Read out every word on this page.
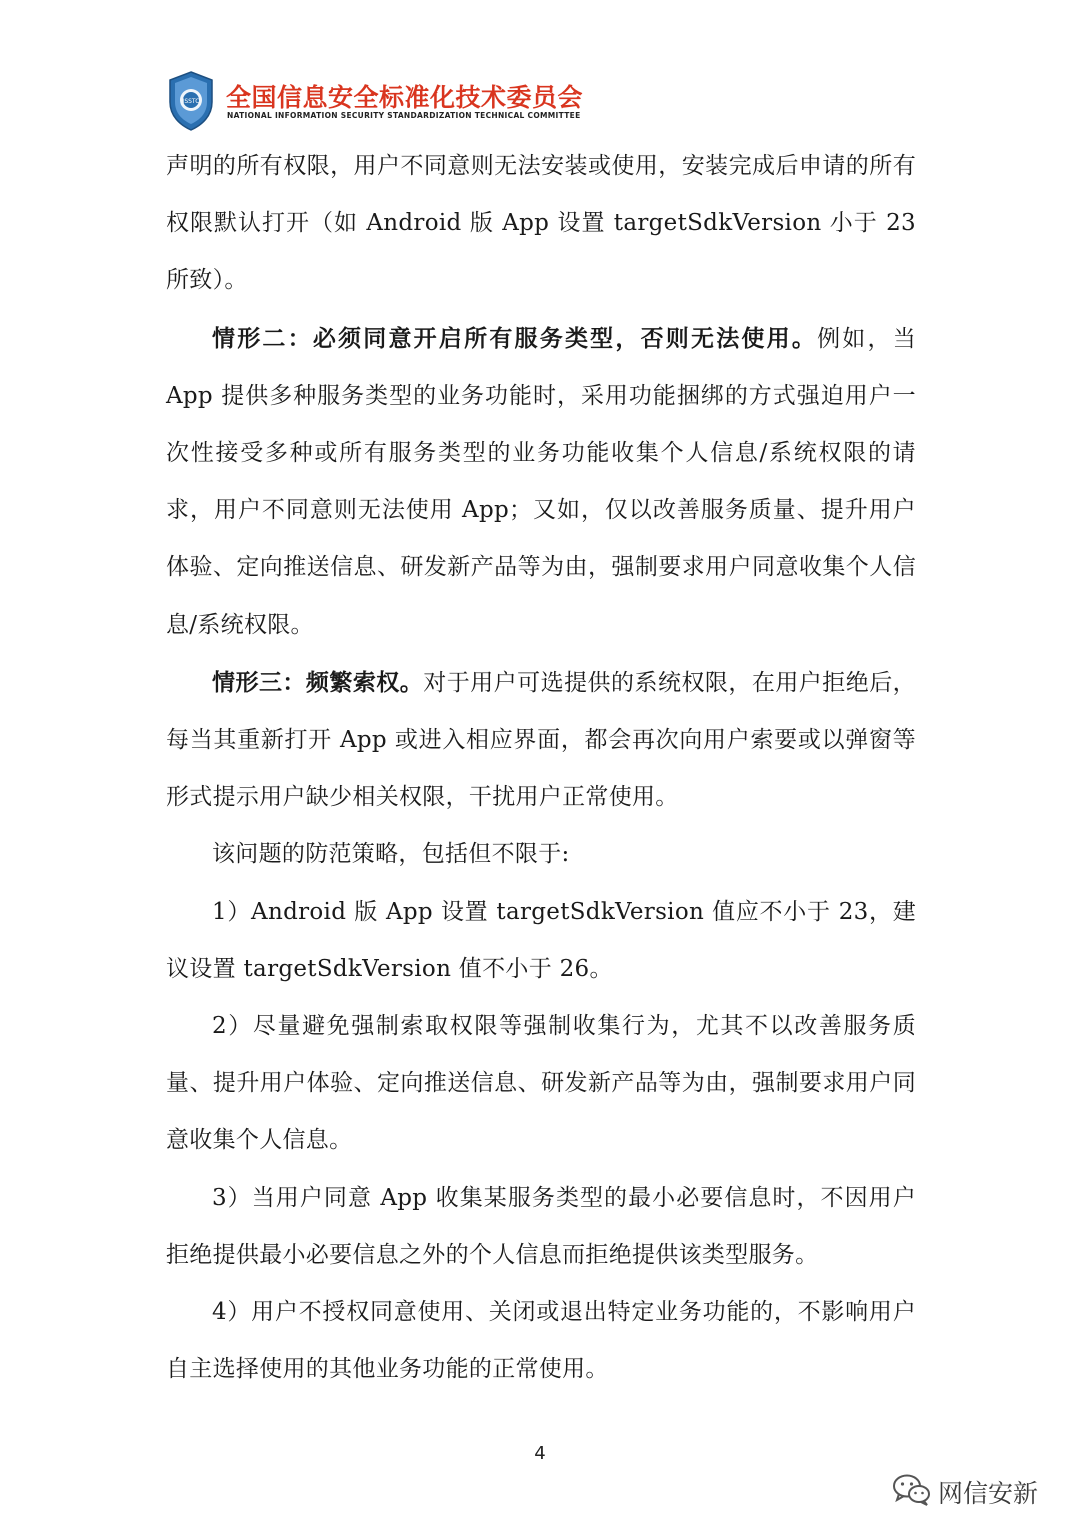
ISSTC 全国信息安全标准化技术委员会
NATIONAL INFORMATION SECURITY STANDARDIZATION TECHNICAL COMMITTEE

声明的所有权限，用户不同意则无法安装或使用，安装完成后申请的所有权限默认打开（如 Android 版 App 设置 targetSdkVersion 小于 23 所致）。

情形二：必须同意开启所有服务类型，否则无法使用。例如，当 App 提供多种服务类型的业务功能时，采用功能捆绑的方式强迫用户一次性接受多种或所有服务类型的业务功能收集个人信息/系统权限的请求，用户不同意则无法使用 App；又如，仅以改善服务质量、提升用户体验、定向推送信息、研发新产品等为由，强制要求用户同意收集个人信息/系统权限。

情形三：频繁索权。对于用户可选提供的系统权限，在用户拒绝后，每当其重新打开 App 或进入相应界面，都会再次向用户索要或以弹窗等形式提示用户缺少相关权限，干扰用户正常使用。

该问题的防范策略，包括但不限于:

1）Android 版 App 设置 targetSdkVersion 值应不小于 23，建议设置 targetSdkVersion 值不小于 26。

2）尽量避免强制索取权限等强制收集行为，尤其不以改善服务质量、提升用户体验、定向推送信息、研发新产品等为由，强制要求用户同意收集个人信息。

3）当用户同意 App 收集某服务类型的最小必要信息时，不因用户拒绝提供最小必要信息之外的个人信息而拒绝提供该类型服务。

4）用户不授权同意使用、关闭或退出特定业务功能的，不影响用户自主选择使用的其他业务功能的正常使用。

4
网信安新
